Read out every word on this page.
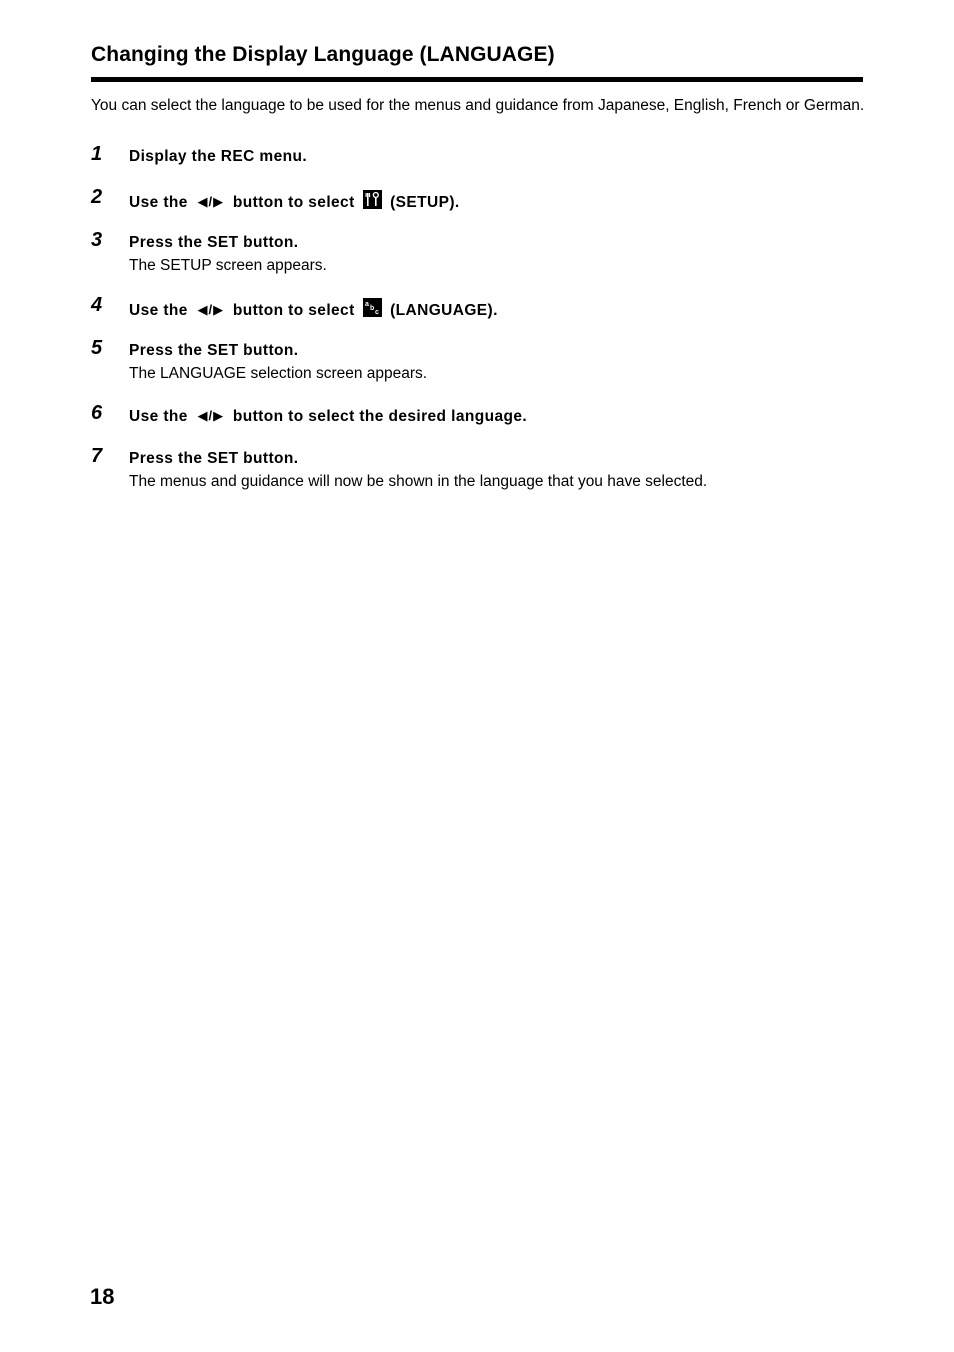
Changing the Display Language (LANGUAGE)
You can select the language to be used for the menus and guidance from Japanese, English, French or German.
1 Display the REC menu.
2 Use the ◀/▶ button to select (SETUP).
3 Press the SET button.
The SETUP screen appears.
4 Use the ◀/▶ button to select a
b
c (LANGUAGE).
5 Press the SET button.
The LANGUAGE selection screen appears.
6 Use the ◀/▶ button to select the desired language.
7 Press the SET button.
The menus and guidance will now be shown in the language that you have selected.
18
